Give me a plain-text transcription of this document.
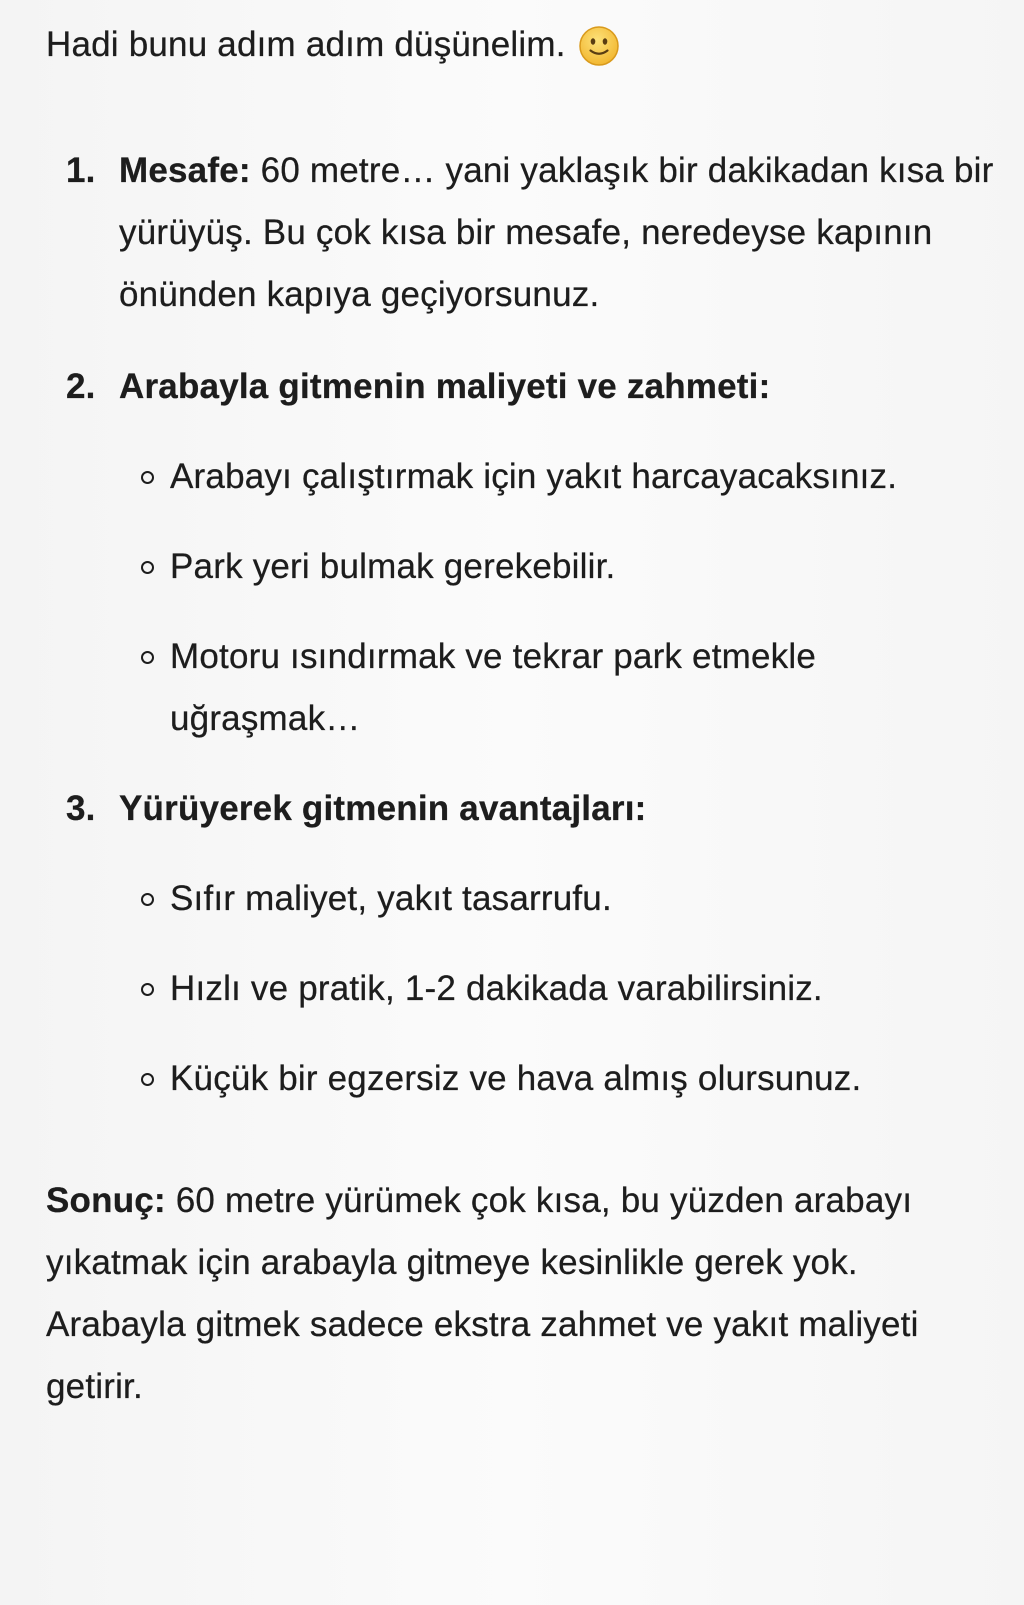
Hadi bunu adım adım düşünelim.

1. Mesafe: 60 metre… yani yaklaşık bir dakikadan kısa bir yürüyüş. Bu çok kısa bir mesafe, neredeyse kapının önünden kapıya geçiyorsunuz.
2. Arabayla gitmenin maliyeti ve zahmeti:
Arabayı çalıştırmak için yakıt harcayacaksınız.
Park yeri bulmak gerekebilir.
Motoru ısındırmak ve tekrar park etmekle uğraşmak…
3. Yürüyerek gitmenin avantajları:
Sıfır maliyet, yakıt tasarrufu.
Hızlı ve pratik, 1-2 dakikada varabilirsiniz.
Küçük bir egzersiz ve hava almış olursunuz.

Sonuç: 60 metre yürümek çok kısa, bu yüzden arabayı yıkatmak için arabayla gitmeye kesinlikle gerek yok. Arabayla gitmek sadece ekstra zahmet ve yakıt maliyeti getirir.
